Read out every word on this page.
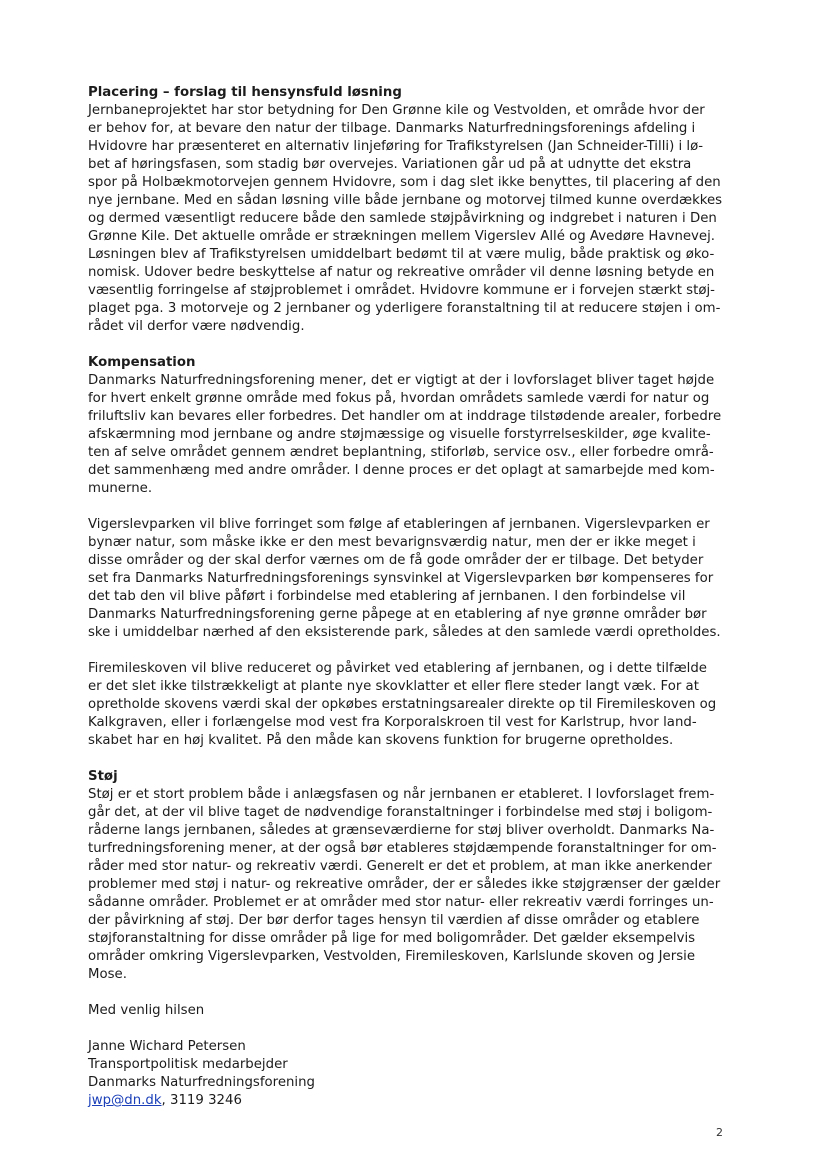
Placering – forslag til hensynsfuld løsning
Jernbaneprojektet har stor betydning for Den Grønne kile og Vestvolden, et område hvor der
er behov for, at bevare den natur der tilbage. Danmarks Naturfredningsforenings afdeling i
Hvidovre har præsenteret en alternativ linjeføring for Trafikstyrelsen (Jan Schneider-Tilli) i lø-
bet af høringsfasen, som stadig bør overvejes. Variationen går ud på at udnytte det ekstra
spor på Holbækmotorvejen gennem Hvidovre, som i dag slet ikke benyttes, til placering af den
nye jernbane. Med en sådan løsning ville både jernbane og motorvej tilmed kunne overdækkes
og dermed væsentligt reducere både den samlede støjpåvirkning og indgrebet i naturen i Den
Grønne Kile. Det aktuelle område er strækningen mellem Vigerslev Allé og Avedøre Havnevej.
Løsningen blev af Trafikstyrelsen umiddelbart bedømt til at være mulig, både praktisk og øko-
nomisk. Udover bedre beskyttelse af natur og rekreative områder vil denne løsning betyde en
væsentlig forringelse af støjproblemet i området. Hvidovre kommune er i forvejen stærkt støj-
plaget pga. 3 motorveje og 2 jernbaner og yderligere foranstaltning til at reducere støjen i om-
rådet vil derfor være nødvendig.
Kompensation
Danmarks Naturfredningsforening mener, det er vigtigt at der i lovforslaget bliver taget højde
for hvert enkelt grønne område med fokus på, hvordan områdets samlede værdi for natur og
friluftsliv kan bevares eller forbedres. Det handler om at inddrage tilstødende arealer, forbedre
afskærmning mod jernbane og andre støjmæssige og visuelle forstyrrelseskilder, øge kvalite-
ten af selve området gennem ændret beplantning, stiforløb, service osv., eller forbedre områ-
det sammenhæng med andre områder. I denne proces er det oplagt at samarbejde med kom-
munerne.
Vigerslevparken vil blive forringet som følge af etableringen af jernbanen. Vigerslevparken er
bynær natur, som måske ikke er den mest bevarignsværdig natur, men der er ikke meget i
disse områder og der skal derfor værnes om de få gode områder der er tilbage. Det betyder
set fra Danmarks Naturfredningsforenings synsvinkel at Vigerslevparken bør kompenseres for
det tab den vil blive påført i forbindelse med etablering af jernbanen. I den forbindelse vil
Danmarks Naturfredningsforening gerne påpege at en etablering af nye grønne områder bør
ske i umiddelbar nærhed af den eksisterende park, således at den samlede værdi opretholdes.
Firemileskoven vil blive reduceret og påvirket ved etablering af jernbanen, og i dette tilfælde
er det slet ikke tilstrækkeligt at plante nye skovklatter et eller flere steder langt væk. For at
opretholde skovens værdi skal der opkøbes erstatningsarealer direkte op til Firemileskoven og
Kalkgraven, eller i forlængelse mod vest fra Korporalskroen til vest for Karlstrup, hvor land-
skabet har en høj kvalitet. På den måde kan skovens funktion for brugerne opretholdes.
Støj
Støj er et stort problem både i anlægsfasen og når jernbanen er etableret. I lovforslaget frem-
går det, at der vil blive taget de nødvendige foranstaltninger i forbindelse med støj i boligom-
råderne langs jernbanen, således at grænseværdierne for støj bliver overholdt. Danmarks Na-
turfredningsforening mener, at der også bør etableres støjdæmpende foranstaltninger for om-
råder med stor natur- og rekreativ værdi. Generelt er det et problem, at man ikke anerkender
problemer med støj i natur- og rekreative områder, der er således ikke støjgrænser der gælder
sådanne områder. Problemet er at områder med stor natur- eller rekreativ værdi forringes un-
der påvirkning af støj. Der bør derfor tages hensyn til værdien af disse områder og etablere
støjforanstaltning for disse områder på lige for med boligområder. Det gælder eksempelvis
områder omkring Vigerslevparken, Vestvolden, Firemileskoven, Karlslunde skoven og Jersie
Mose.
Med venlig hilsen
Janne Wichard Petersen
Transportpolitisk medarbejder
Danmarks Naturfredningsforening
jwp@dn.dk, 3119 3246
2
